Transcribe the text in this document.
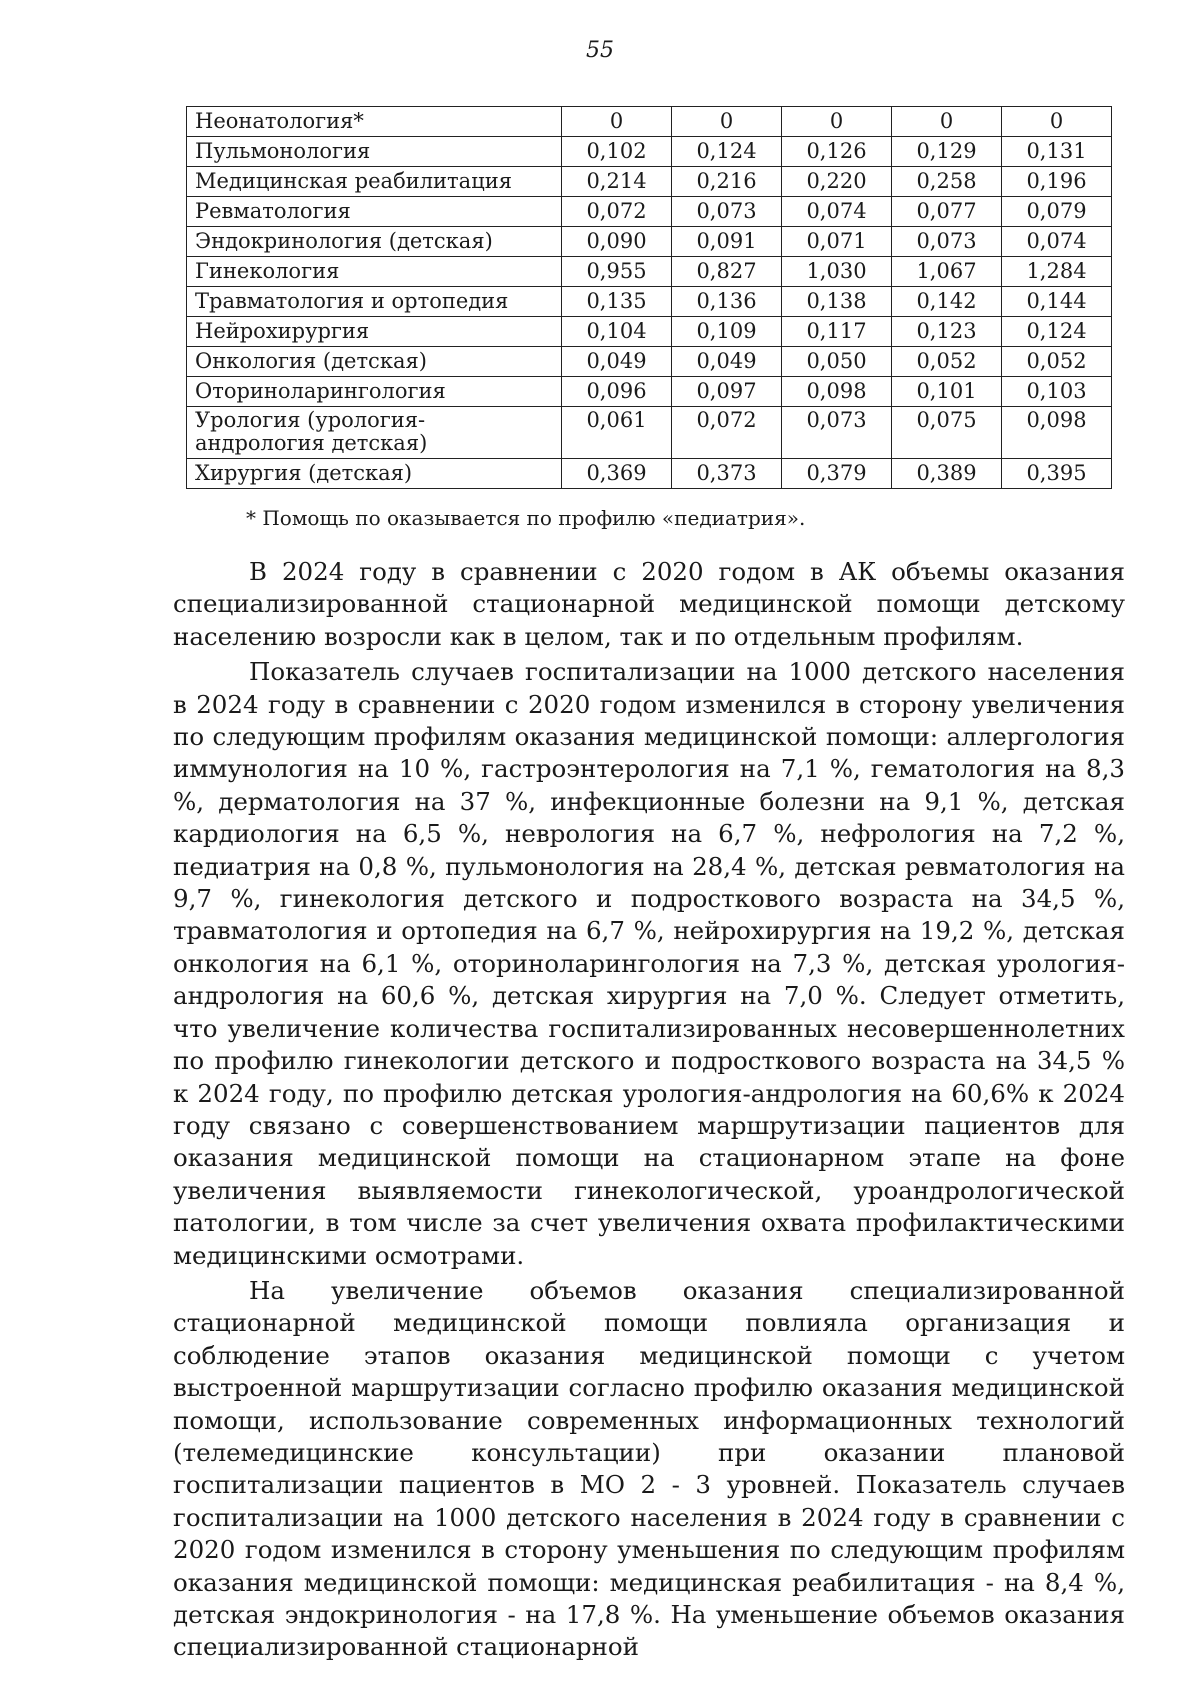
55
Неонатология*	0	0	0	0	0
Пульмонология	0,102	0,124	0,126	0,129	0,131
Медицинская реабилитация	0,214	0,216	0,220	0,258	0,196
Ревматология	0,072	0,073	0,074	0,077	0,079
Эндокринология (детская)	0,090	0,091	0,071	0,073	0,074
Гинекология	0,955	0,827	1,030	1,067	1,284
Травматология и ортопедия	0,135	0,136	0,138	0,142	0,144
Нейрохирургия	0,104	0,109	0,117	0,123	0,124
Онкология (детская)	0,049	0,049	0,050	0,052	0,052
Оториноларингология	0,096	0,097	0,098	0,101	0,103
Урология (урология-андрология детская)	0,061	0,072	0,073	0,075	0,098
Хирургия (детская)	0,369	0,373	0,379	0,389	0,395
* Помощь по оказывается по профилю «педиатрия».

В 2024 году в сравнении с 2020 годом в АК объемы оказания специализированной стационарной медицинской помощи детскому населению возросли как в целом, так и по отдельным профилям.

Показатель случаев госпитализации на 1000 детского населения в 2024 году в сравнении с 2020 годом изменился в сторону увеличения по следующим профилям оказания медицинской помощи: аллергология иммунология на 10 %, гастроэнтерология на 7,1 %, гематология на 8,3 %, дерматология на 37 %, инфекционные болезни на 9,1 %, детская кардиология на 6,5 %, неврология на 6,7 %, нефрология на 7,2 %, педиатрия на 0,8 %, пульмонология на 28,4 %, детская ревматология на 9,7 %, гинекология детского и подросткового возраста на 34,5 %, травматология и ортопедия на 6,7 %, нейрохирургия на 19,2 %, детская онкология на 6,1 %, оториноларингология на 7,3 %, детская урология-андрология на 60,6 %, детская хирургия на 7,0 %. Следует отметить, что увеличение количества госпитализированных несовершеннолетних по профилю гинекологии детского и подросткового возраста на 34,5 % к 2024 году, по профилю детская урология-андрология на 60,6% к 2024 году связано с совершенствованием маршрутизации пациентов для оказания медицинской помощи на стационарном этапе на фоне увеличения выявляемости гинекологической, уроандрологической патологии, в том числе за счет увеличения охвата профилактическими медицинскими осмотрами.

На увеличение объемов оказания специализированной стационарной медицинской помощи повлияла организация и соблюдение этапов оказания медицинской помощи с учетом выстроенной маршрутизации согласно профилю оказания медицинской помощи, использование современных информационных технологий (телемедицинские консультации) при оказании плановой госпитализации пациентов в МО 2 - 3 уровней. Показатель случаев госпитализации на 1000 детского населения в 2024 году в сравнении с 2020 годом изменился в сторону уменьшения по следующим профилям оказания медицинской помощи: медицинская реабилитация - на 8,4 %, детская эндокринология - на 17,8 %. На уменьшение объемов оказания специализированной стационарной
